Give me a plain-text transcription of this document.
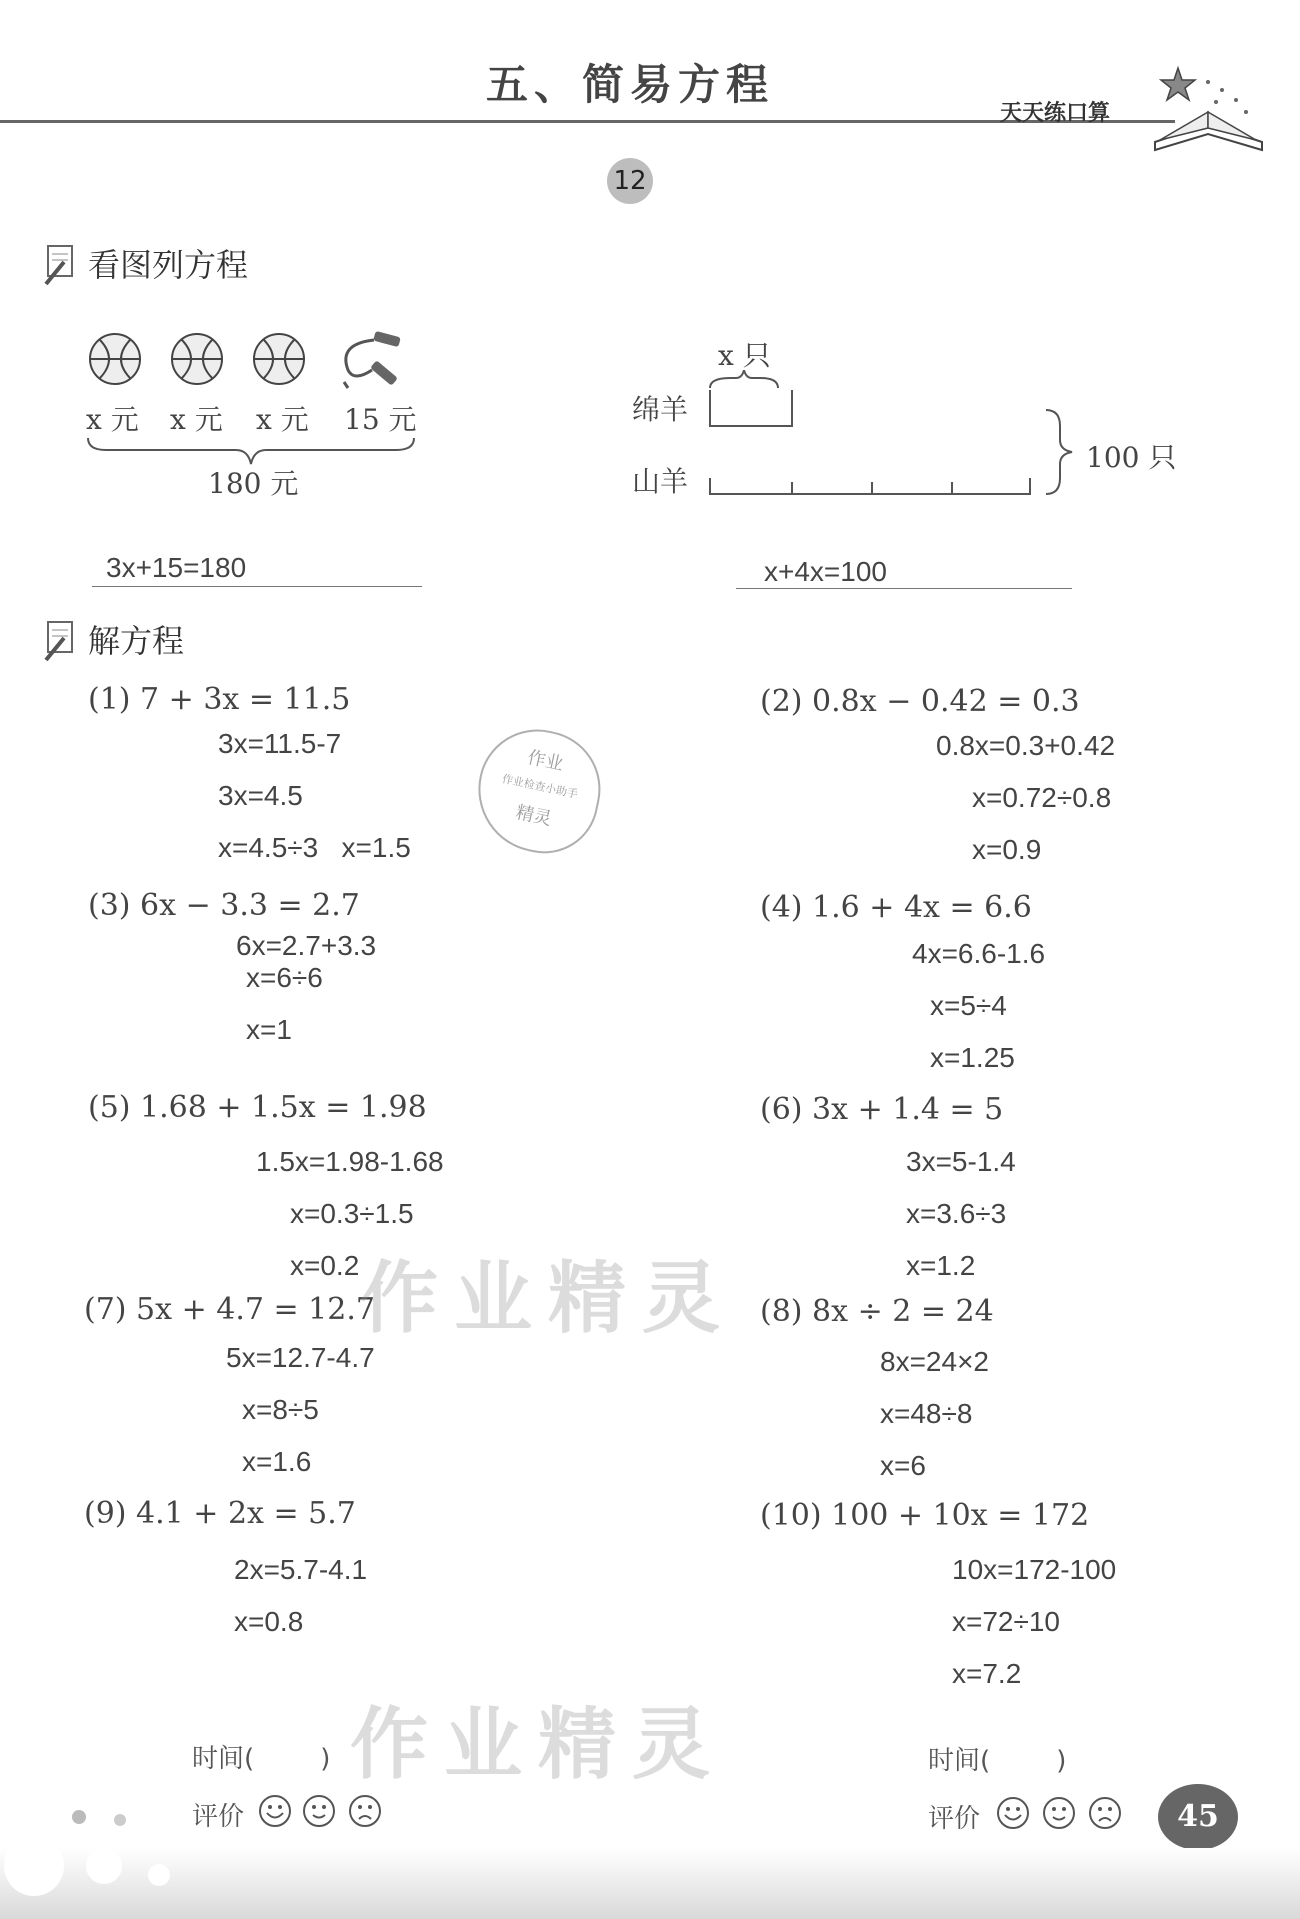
五、简易方程
天天练口算
12
看图列方程
x 元 x 元 x 元 15 元
180 元
3x+15=180
x 只
绵羊
山羊
100 只
x+4x=100
解方程
(1) 7 + 3x = 11.5
3x=11.5-7
3x=4.5
x=4.5÷3   x=1.5
(3) 6x − 3.3 = 2.7
6x=2.7+3.3
x=6÷6
x=1
(5) 1.68 + 1.5x = 1.98
1.5x=1.98-1.68
x=0.3÷1.5
x=0.2
(7) 5x + 4.7 = 12.7
5x=12.7-4.7
x=8÷5
x=1.6
(9) 4.1 + 2x = 5.7
2x=5.7-4.1
x=0.8
(2) 0.8x − 0.42 = 0.3
0.8x=0.3+0.42
x=0.72÷0.8
x=0.9
(4) 1.6 + 4x = 6.6
4x=6.6-1.6
x=5÷4
x=1.25
(6) 3x + 1.4 = 5
3x=5-1.4
x=3.6÷3
x=1.2
(8) 8x ÷ 2 = 24
8x=24×2
x=48÷8
x=6
(10) 100 + 10x = 172
10x=172-100
x=72÷10
x=7.2
作业
作业检查小助手
精灵
作业精灵
作业精灵
时间(        )
评价
时间(        )
评价	45
